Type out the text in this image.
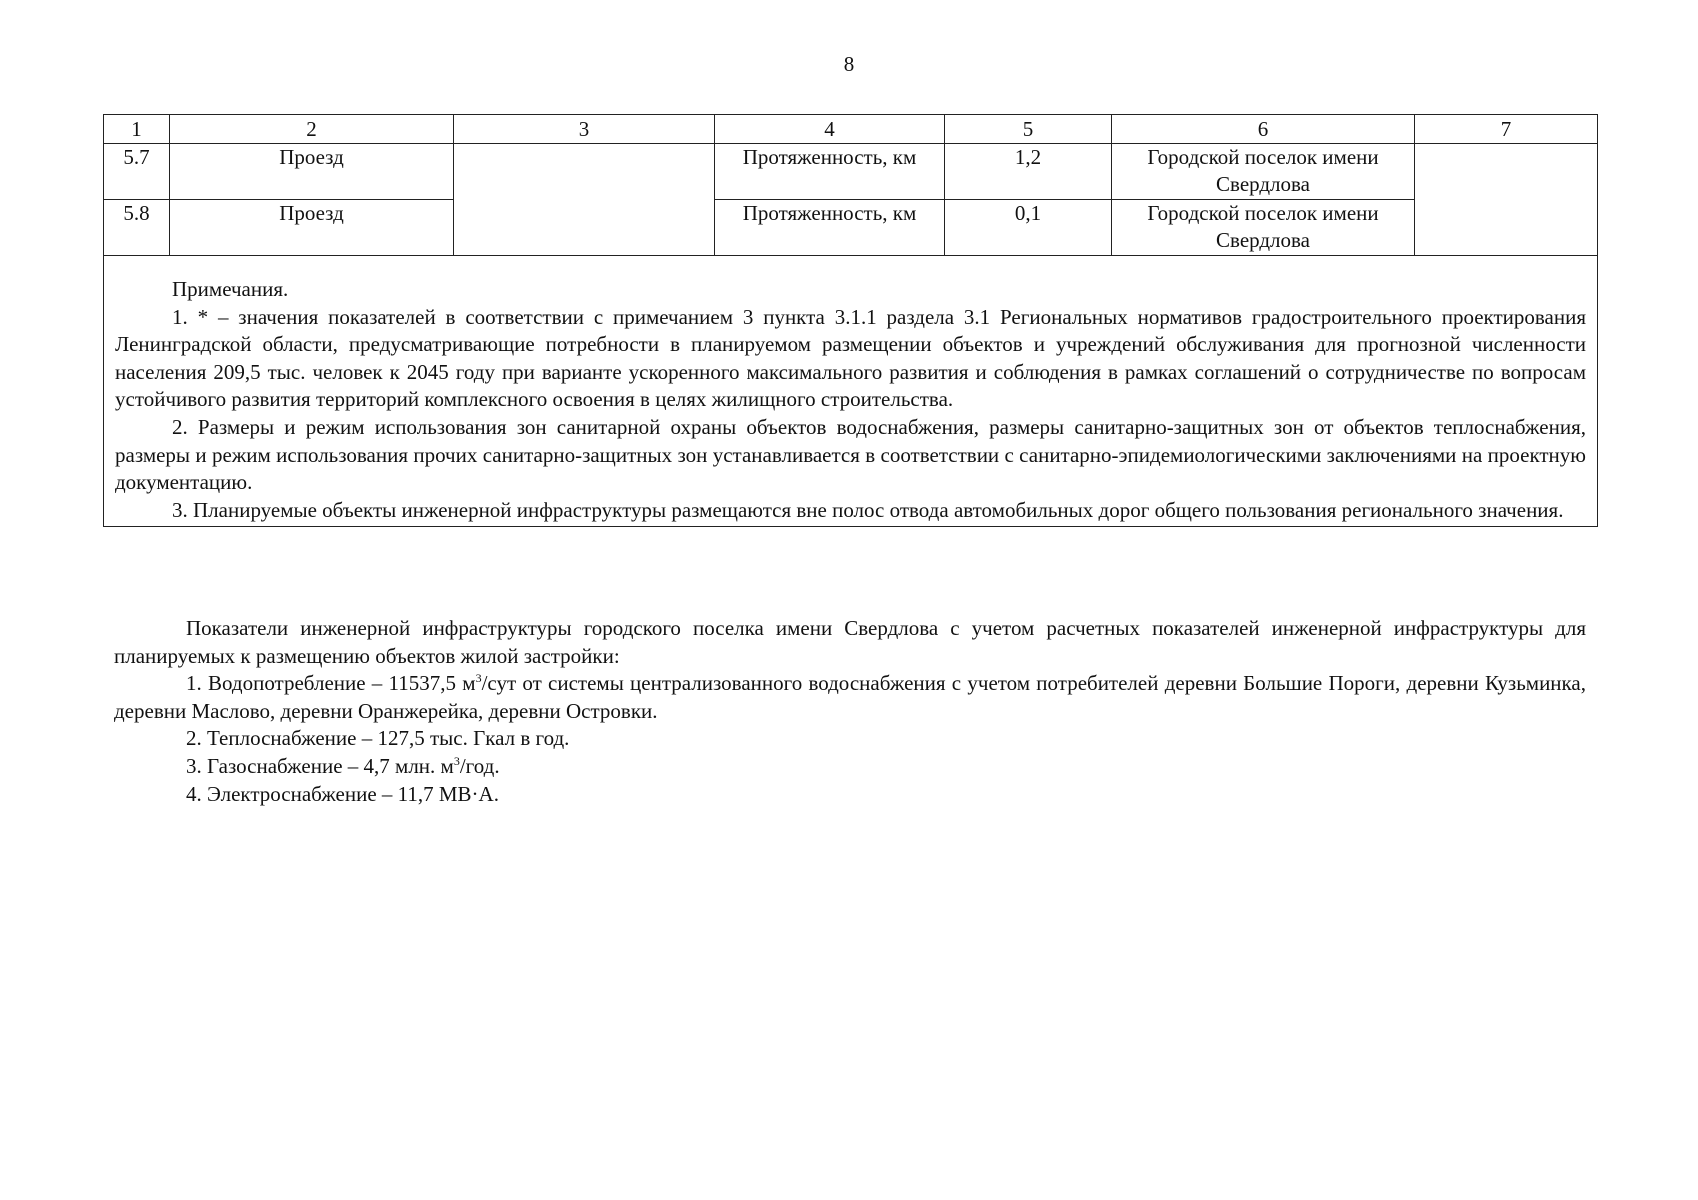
8
1	2	3	4	5	6	7
5.7	Проезд		Протяженность, км	1,2	Городской поселок имени Свердлова	
5.8	Проезд		Протяженность, км	0,1	Городской поселок имени Свердлова	

Примечания.

1. * – значения показателей в соответствии с примечанием 3 пункта 3.1.1 раздела 3.1 Региональных нормативов градостроительного проектирования Ленинградской области, предусматривающие потребности в планируемом размещении объектов и учреждений обслуживания для прогнозной численности населения 209,5 тыс. человек к 2045 году при варианте ускоренного максимального развития и соблюдения в рамках соглашений о сотрудничестве по вопросам устойчивого развития территорий комплексного освоения в целях жилищного строительства.

2. Размеры и режим использования зон санитарной охраны объектов водоснабжения, размеры санитарно-защитных зон от объектов теплоснабжения, размеры и режим использования прочих санитарно-защитных зон устанавливается в соответствии с санитарно-эпидемиологическими заключениями на проектную документацию.

3. Планируемые объекты инженерной инфраструктуры размещаются вне полос отвода автомобильных дорог общего пользования регионального значения.						

Показатели инженерной инфраструктуры городского поселка имени Свердлова с учетом расчетных показателей инженерной инфраструктуры для планируемых к размещению объектов жилой застройки:

1. Водопотребление – 11537,5 $м^3$/сут от системы централизованного водоснабжения с учетом потребителей деревни Большие Пороги, деревни Кузьминка, деревни Маслово, деревни Оранжерейка, деревни Островки.

2. Теплоснабжение – 127,5 тыс. Гкал в год.

3. Газоснабжение – 4,7 млн. $м^3$/год.

4. Электроснабжение – 11,7 МВ·А.
